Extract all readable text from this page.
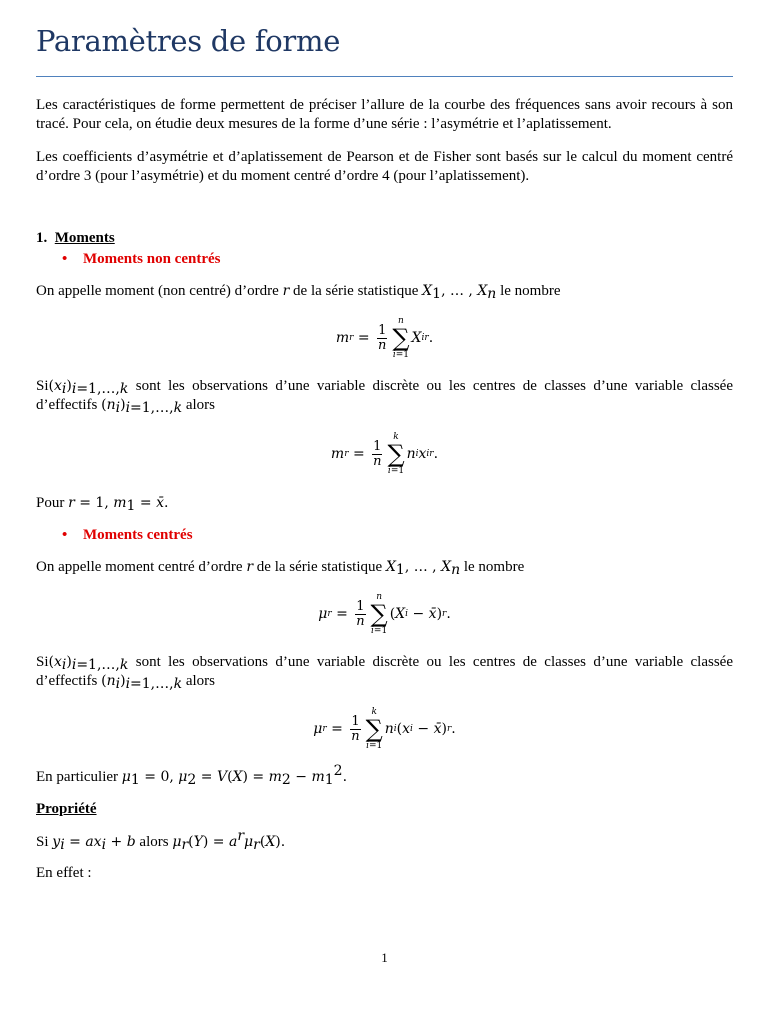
Paramètres de forme
Les caractéristiques de forme permettent de préciser l’allure de la courbe des fréquences sans avoir recours à son tracé. Pour cela, on étudie deux mesures de la forme d’une série : l’asymétrie et l’aplatissement.
Les coefficients d’asymétrie et d’aplatissement de Pearson et de Fisher sont basés sur le calcul du moment centré d’ordre 3 (pour l’asymétrie) et du moment centré d’ordre 4 (pour l’aplatissement).
1. Moments
• Moments non centrés
On appelle moment (non centré) d’ordre r de la série statistique $X_1$, … , $X_n$ le nombre
m $r = \frac{1}{n}$
n
∑
i=1
X i r .
$Si(x_i)_{i=1,\dots,k}$ sont les observations d’une variable discrète ou les centres de classes d’une variable classée d’effectifs $(n_i)_{i=1,\dots,k}$ alors
m $r = \frac{1}{n}$
k
∑
i=1
n i x i r .
Pour r = 1, $m_1$ = x̄.
• Moments centrés
On appelle moment centré d’ordre r de la série statistique $X_1$, … , $X_n$ le nombre
μ $r = \frac{1}{n}$
n
∑
i=1
( X i − x̄ ) r .
$Si(x_i)_{i=1,\dots,k}$ sont les observations d’une variable discrète ou les centres de classes d’une variable classée d’effectifs $(n_i)_{i=1,\dots,k}$ alors
μ $r = \frac{1}{n}$
k
∑
i=1
n i ( x i − x̄ ) r .
En particulier $\mu_1 = 0$, $\mu_2 = V(X) = m_2 - m_1^2$.
Propriété
Si $y_i = ax_i + b$ alors $\mu_r(Y) = a^r\mu_r(X)$.
En effet :
1
